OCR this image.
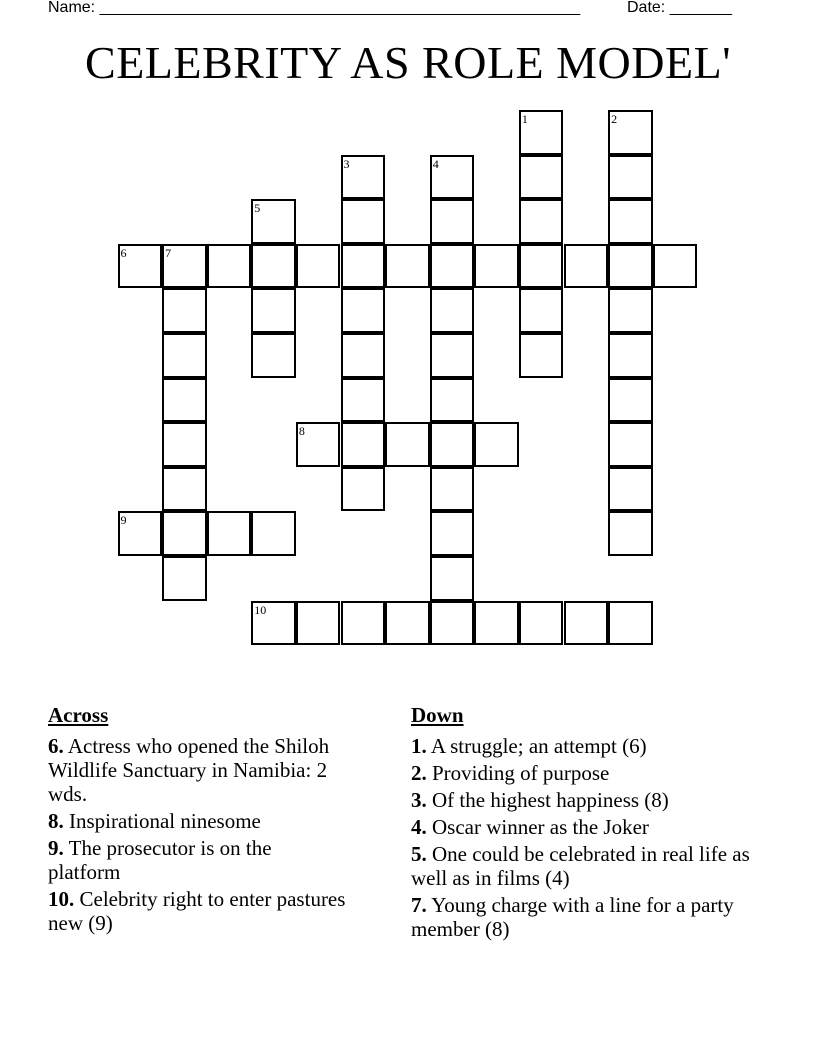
Name: ______________________________________________________	Date: _______
CELEBRITY AS ROLE MODEL'
1	2
3	4
5
6	7
8
9
10
Across
6. Actress who opened the Shiloh Wildlife Sanctuary in Namibia: 2 wds.
8. Inspirational ninesome
9. The prosecutor is on the platform
10. Celebrity right to enter pastures new (9)
Down
1. A struggle; an attempt (6)
2. Providing of purpose
3. Of the highest happiness (8)
4. Oscar winner as the Joker
5. One could be celebrated in real life as well as in films (4)
7. Young charge with a line for a party member (8)
